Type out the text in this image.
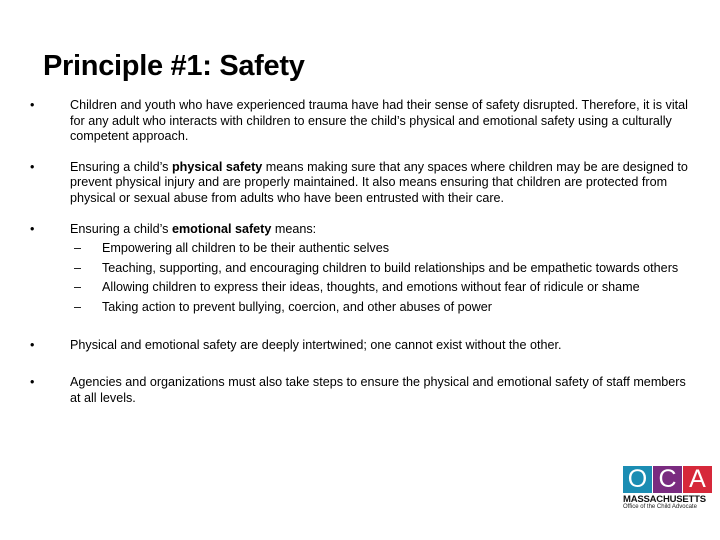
Principle #1: Safety
•	Children and youth who have experienced trauma have had their sense of safety disrupted. Therefore, it is vital for any adult who interacts with children to ensure the child’s physical and emotional safety using a culturally competent approach.
•	Ensuring a child’s physical safety means making sure that any spaces where children may be are designed to prevent physical injury and are properly maintained. It also means ensuring that children are protected from physical or sexual abuse from adults who have been entrusted with their care.
•	Ensuring a child’s emotional safety means:
– Empowering all children to be their authentic selves
– Teaching, supporting, and encouraging children to build relationships and be empathetic towards others
– Allowing children to express their ideas, thoughts, and emotions without fear of ridicule or shame
– Taking action to prevent bullying, coercion, and other abuses of power
•	Physical and emotional safety are deeply intertwined; one cannot exist without the other.
•	Agencies and organizations must also take steps to ensure the physical and emotional safety of staff members at all levels.
O C A
MASSACHUSETTS
Office of the Child Advocate
